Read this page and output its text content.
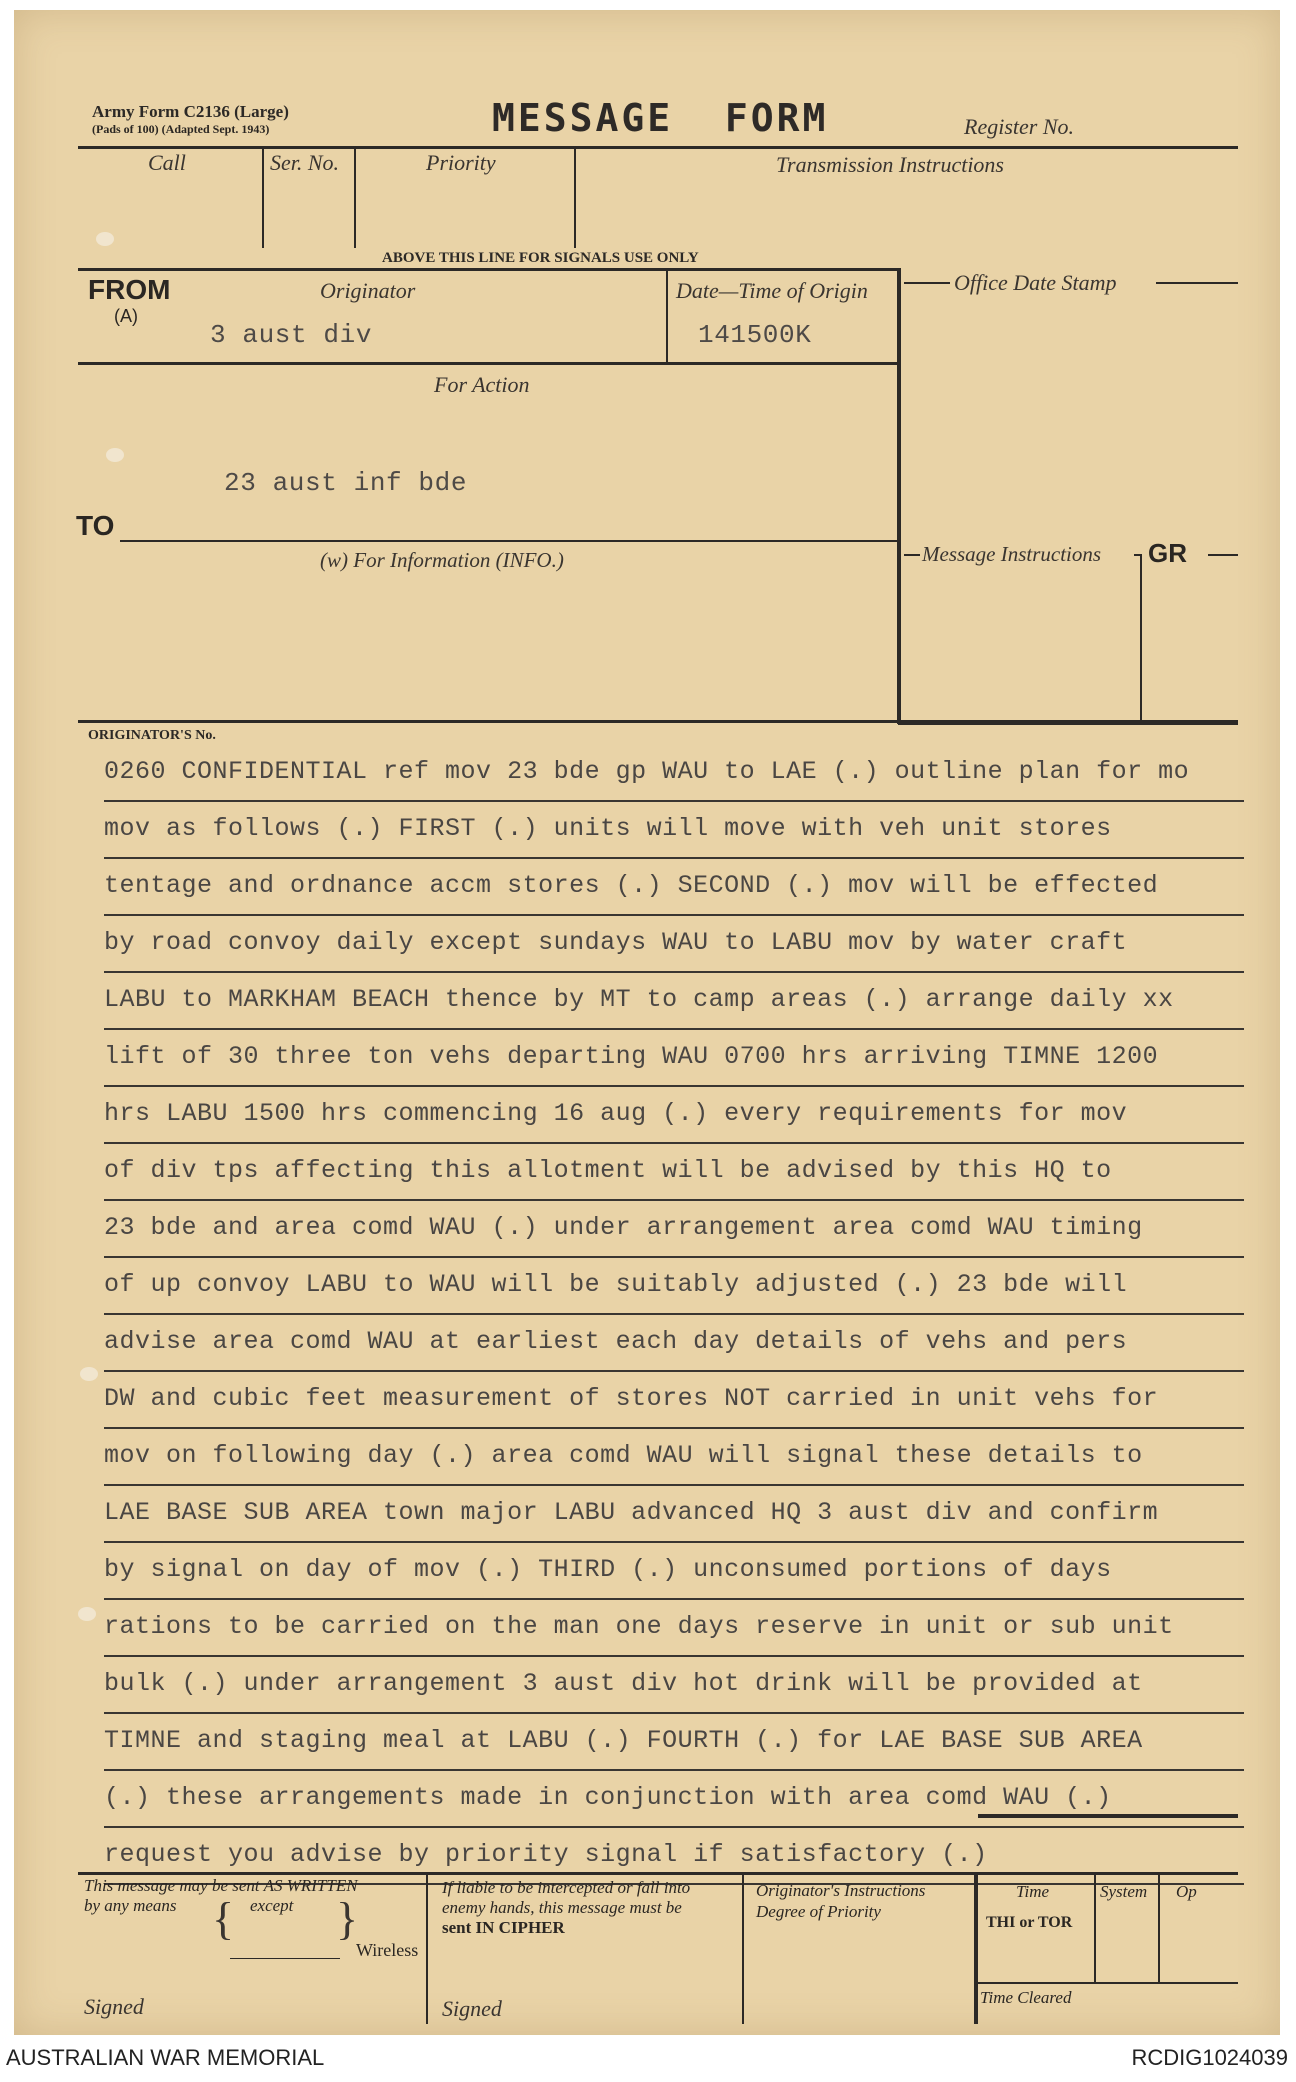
Army Form C2136 (Large)
(Pads of 100) (Adapted Sept. 1943)	MESSAGE  FORM	Register No.
Call	Ser. No.	Priority	Transmission Instructions
ABOVE THIS LINE FOR SIGNALS USE ONLY
FROM
(A)
Originator
3 aust div
Date—Time of Origin
141500K
Office Date Stamp
For Action
23 aust inf bde
TO
(w) For Information (INFO.)	Message Instructions GR
ORIGINATOR'S No.
0260 CONFIDENTIAL ref mov 23 bde gp WAU to LAE (.) outline plan for mo
mov as follows (.) FIRST (.) units will move with veh unit stores
tentage and ordnance accm stores (.) SECOND (.) mov will be effected
by road convoy daily except sundays WAU to LABU mov by water craft
LABU to MARKHAM BEACH thence by MT to camp areas (.) arrange daily xx
lift of 30 three ton vehs departing WAU 0700 hrs arriving TIMNE 1200
hrs LABU 1500 hrs commencing 16 aug (.) every requirements for mov
of div tps affecting this allotment will be advised by this HQ to
23 bde and area comd WAU (.) under arrangement area comd WAU timing
of up convoy LABU to WAU will be suitably adjusted (.) 23 bde will
advise area comd WAU at earliest each day details of vehs and pers
DW and cubic feet measurement of stores NOT carried in unit vehs for
mov on following day (.) area comd WAU will signal these details to
LAE BASE SUB AREA town major LABU advanced HQ 3 aust div and confirm
by signal on day of mov (.) THIRD (.) unconsumed portions of days
rations to be carried on the man one days reserve in unit or sub unit
bulk (.) under arrangement 3 aust div hot drink will be provided at
TIMNE and staging meal at LABU (.) FOURTH (.) for LAE BASE SUB AREA
(.) these arrangements made in conjunction with area comd WAU (.)
request you advise by priority signal if satisfactory (.)
This message may be sent AS WRITTEN
by any means	except
{ }
Wireless
Signed
If liable to be intercepted or fall into
enemy hands, this message must be
sent IN CIPHER
Signed
Originator's Instructions
Degree of Priority
Time	System Op
THI or TOR
Time Cleared
AUSTRALIAN WAR MEMORIAL	RCDIG1024039
